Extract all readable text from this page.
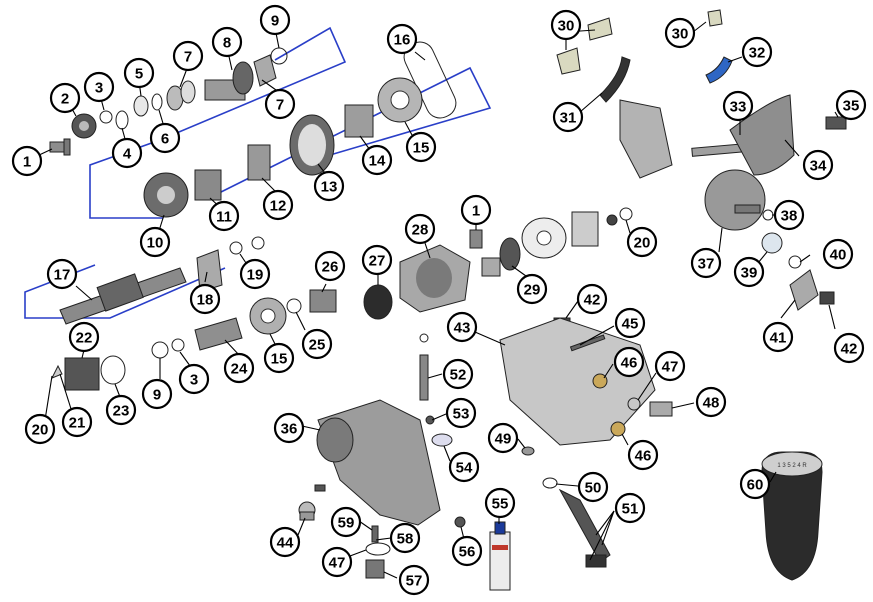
1 3 5 2 4 R
1
2
3
4
5
6
7
8
9
7
16
15
14
13
12
11
10
17
18
19	26
25
15
24
22
23
21
20
9
3
27
28
1
29
20
30
31
30
32
33	35
34
38
37
39
40
41
42
42
43	45
46 47
48
46
49
52
53
54
36
50
51
55
59
58
44
47
57
56
60
